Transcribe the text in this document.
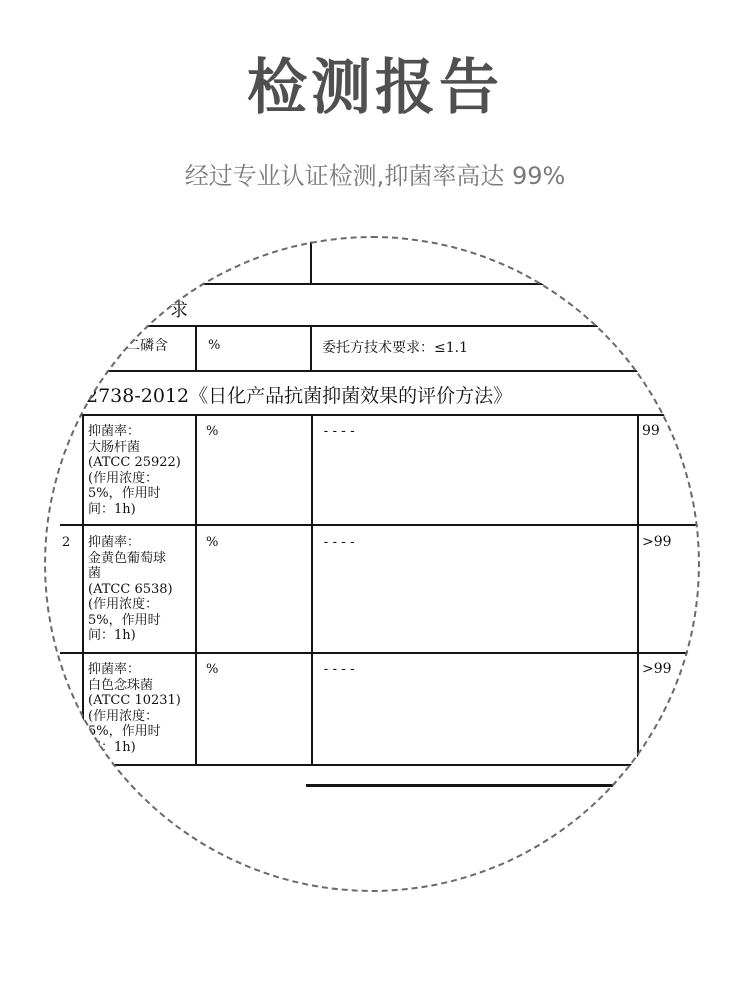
检测报告
经过专业认证检测,抑菌率高达 99%
求
化二磷含	%	委托方技术要求：≤1.1
2738-2012《日化产品抗菌抑菌效果的评价方法》
抑菌率：
大肠杆菌
(ATCC 25922)
(作用浓度：
5%，作用时
间：1h)
%	----	99
2 抑菌率：
金黄色葡萄球
菌
(ATCC 6538)
(作用浓度：
5%，作用时
间：1h)
%	----	>99
抑菌率：
白色念珠菌
(ATCC 10231)
(作用浓度：
5%，作用时
间：1h)
%	----	>99
